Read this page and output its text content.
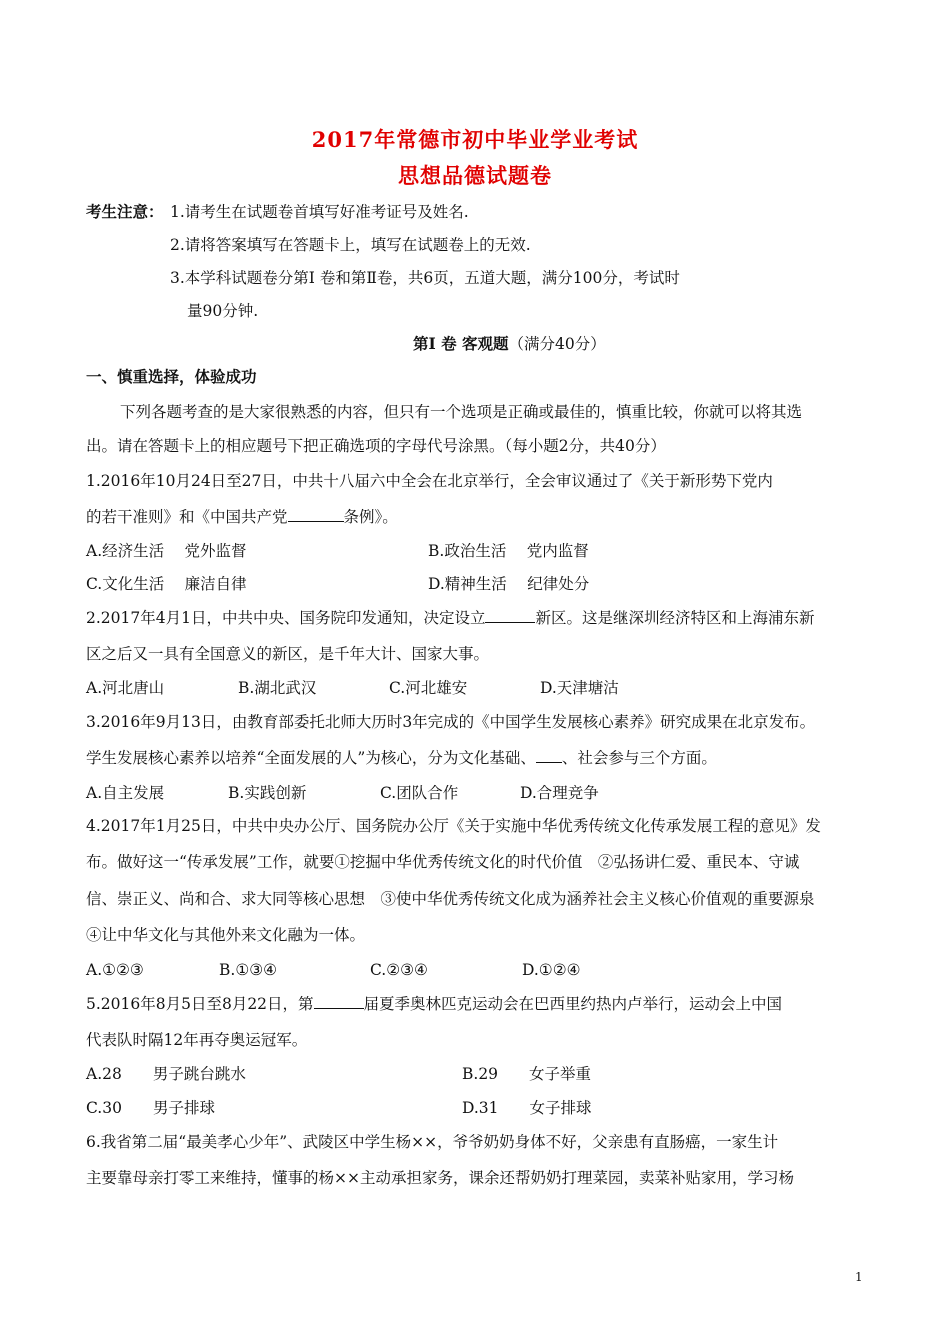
2017年常德市初中毕业学业考试
思想品德试题卷
考生注意： 1.请考生在试题卷首填写好准考证号及姓名.
2.请将答案填写在答题卡上，填写在试题卷上的无效.
3.本学科试题卷分第Ⅰ 卷和第Ⅱ卷，共6页，五道大题，满分100分，考试时
量90分钟.
第Ⅰ 卷 客观题（满分40分）
一、慎重选择，体验成功
下列各题考查的是大家很熟悉的内容，但只有一个选项是正确或最佳的，慎重比较，你就可以将其选
出。请在答题卡上的相应题号下把正确选项的字母代号涂黑。（每小题2分，共40分）
1.2016年10月24日至27日，中共十八届六中全会在北京举行，全会审议通过了《关于新形势下党内
的若干准则》和《中国共产党	条例》。
A.经济生活　 党外监督	B.政治生活　 党内监督
C.文化生活　 廉洁自律	D.精神生活　 纪律处分
2.2017年4月1日，中共中央、国务院印发通知，决定设立	新区。这是继深圳经济特区和上海浦东新
区之后又一具有全国意义的新区，是千年大计、国家大事。
A.河北唐山	B.湖北武汉	C.河北雄安	D.天津塘沽
3.2016年9月13日，由教育部委托北师大历时3年完成的《中国学生发展核心素养》研究成果在北京发布。
学生发展核心素养以培养“全面发展的人”为核心，分为文化基础、 、社会参与三个方面。
A.自主发展	B.实践创新	C.团队合作	D.合理竞争
4.2017年1月25日，中共中央办公厅、国务院办公厅《关于实施中华优秀传统文化传承发展工程的意见》发
布。做好这一“传承发展”工作，就要①挖掘中华优秀传统文化的时代价值　②弘扬讲仁爱、重民本、守诚
信、崇正义、尚和合、求大同等核心思想　③使中华优秀传统文化成为涵养社会主义核心价值观的重要源泉
④让中华文化与其他外来文化融为一体。
A.①②③	B.①③④	C.②③④	D.①②④
5.2016年8月5日至8月22日，第	届夏季奥林匹克运动会在巴西里约热内卢举行，运动会上中国
代表队时隔12年再夺奥运冠军。
A.28　　男子跳台跳水	B.29　　女子举重
C.30　　男子排球	D.31　　女子排球
6.我省第二届“最美孝心少年”、武陵区中学生杨××，爷爷奶奶身体不好，父亲患有直肠癌，一家生计
主要靠母亲打零工来维持，懂事的杨××主动承担家务，课余还帮奶奶打理菜园，卖菜补贴家用，学习杨
1
